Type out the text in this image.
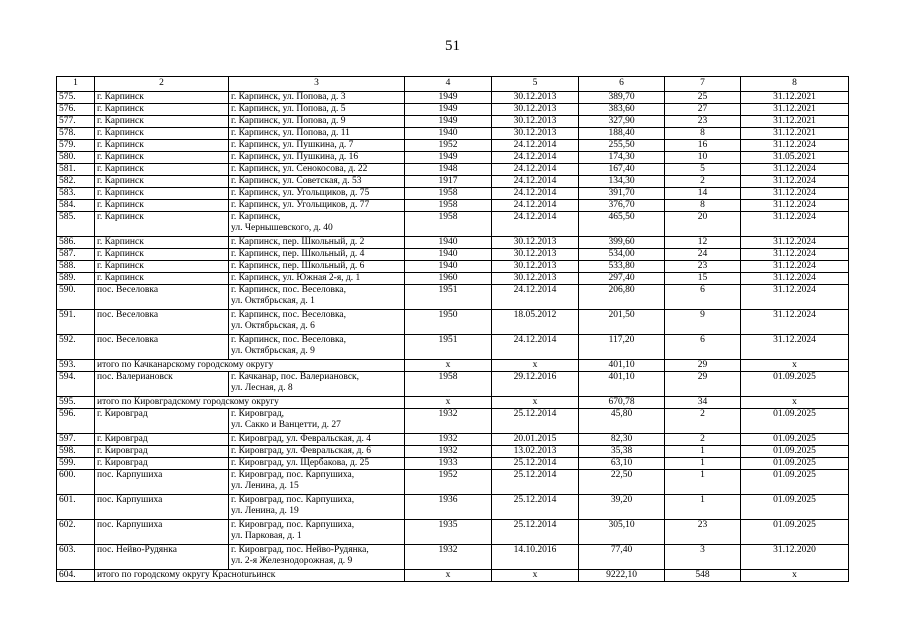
51
1	2	3	4	5	6	7	8
575.	г. Карпинск	г. Карпинск, ул. Попова, д. 3	1949	30.12.2013	389,70	25	31.12.2021
576.	г. Карпинск	г. Карпинск, ул. Попова, д. 5	1949	30.12.2013	383,60	27	31.12.2021
577.	г. Карпинск	г. Карпинск, ул. Попова, д. 9	1949	30.12.2013	327,90	23	31.12.2021
578.	г. Карпинск	г. Карпинск, ул. Попова, д. 11	1940	30.12.2013	188,40	8	31.12.2021
579.	г. Карпинск	г. Карпинск, ул. Пушкина, д. 7	1952	24.12.2014	255,50	16	31.12.2024
580.	г. Карпинск	г. Карпинск, ул. Пушкина, д. 16	1949	24.12.2014	174,30	10	31.05.2021
581.	г. Карпинск	г. Карпинск, ул. Сенокосова, д. 22	1948	24.12.2014	167,40	5	31.12.2024
582.	г. Карпинск	г. Карпинск, ул. Советская, д. 53	1917	24.12.2014	134,30	2	31.12.2024
583.	г. Карпинск	г. Карпинск, ул. Угольщиков, д. 75	1958	24.12.2014	391,70	14	31.12.2024
584.	г. Карпинск	г. Карпинск, ул. Угольщиков, д. 77	1958	24.12.2014	376,70	8	31.12.2024
585.	г. Карпинск	г. Карпинск,
ул. Чернышевского, д. 40	1958	24.12.2014	465,50	20	31.12.2024
586.	г. Карпинск	г. Карпинск, пер. Школьный, д. 2	1940	30.12.2013	399,60	12	31.12.2024
587.	г. Карпинск	г. Карпинск, пер. Школьный, д. 4	1940	30.12.2013	534,00	24	31.12.2024
588.	г. Карпинск	г. Карпинск, пер. Школьный, д. 6	1940	30.12.2013	533,80	23	31.12.2024
589.	г. Карпинск	г. Карпинск, ул. Южная 2-я, д. 1	1960	30.12.2013	297,40	15	31.12.2024
590.	пос. Веселовка	г. Карпинск, пос. Веселовка,
ул. Октябрьская, д. 1	1951	24.12.2014	206,80	6	31.12.2024
591.	пос. Веселовка	г. Карпинск, пос. Веселовка,
ул. Октябрьская, д. 6	1950	18.05.2012	201,50	9	31.12.2024
592.	пос. Веселовка	г. Карпинск, пос. Веселовка,
ул. Октябрьская, д. 9	1951	24.12.2014	117,20	6	31.12.2024
593.	итого по Качканарскому городскому округу		х	х	401,10	29	х
594.	пос. Валериановск	г. Качканар, пос. Валериановск,
ул. Лесная, д. 8	1958	29.12.2016	401,10	29	01.09.2025
595.	итого по Кировградскому городскому округу		х	х	670,78	34	х
596.	г. Кировград	г. Кировград,
ул. Сакко и Ванцетти, д. 27	1932	25.12.2014	45,80	2	01.09.2025
597.	г. Кировград	г. Кировград, ул. Февральская, д. 4	1932	20.01.2015	82,30	2	01.09.2025
598.	г. Кировград	г. Кировград, ул. Февральская, д. 6	1932	13.02.2013	35,38	1	01.09.2025
599.	г. Кировград	г. Кировград, ул. Щербакова, д. 25	1933	25.12.2014	63,10	1	01.09.2025
600.	пос. Карпушиха	г. Кировград, пос. Карпушиха,
ул. Ленина, д. 15	1952	25.12.2014	22,50	1	01.09.2025
601.	пос. Карпушиха	г. Кировград, пос. Карпушиха,
ул. Ленина, д. 19	1936	25.12.2014	39,20	1	01.09.2025
602.	пос. Карпушиха	г. Кировград, пос. Карпушиха,
ул. Парковая, д. 1	1935	25.12.2014	305,10	23	01.09.2025
603.	пос. Нейво-Рудянка	г. Кировград, пос. Нейво-Рудянка,
ул. 2-я Железнодорожная, д. 9	1932	14.10.2016	77,40	3	31.12.2020
604.	итого по городскому округу Красноturьинск		х	х	9222,10	548	х
